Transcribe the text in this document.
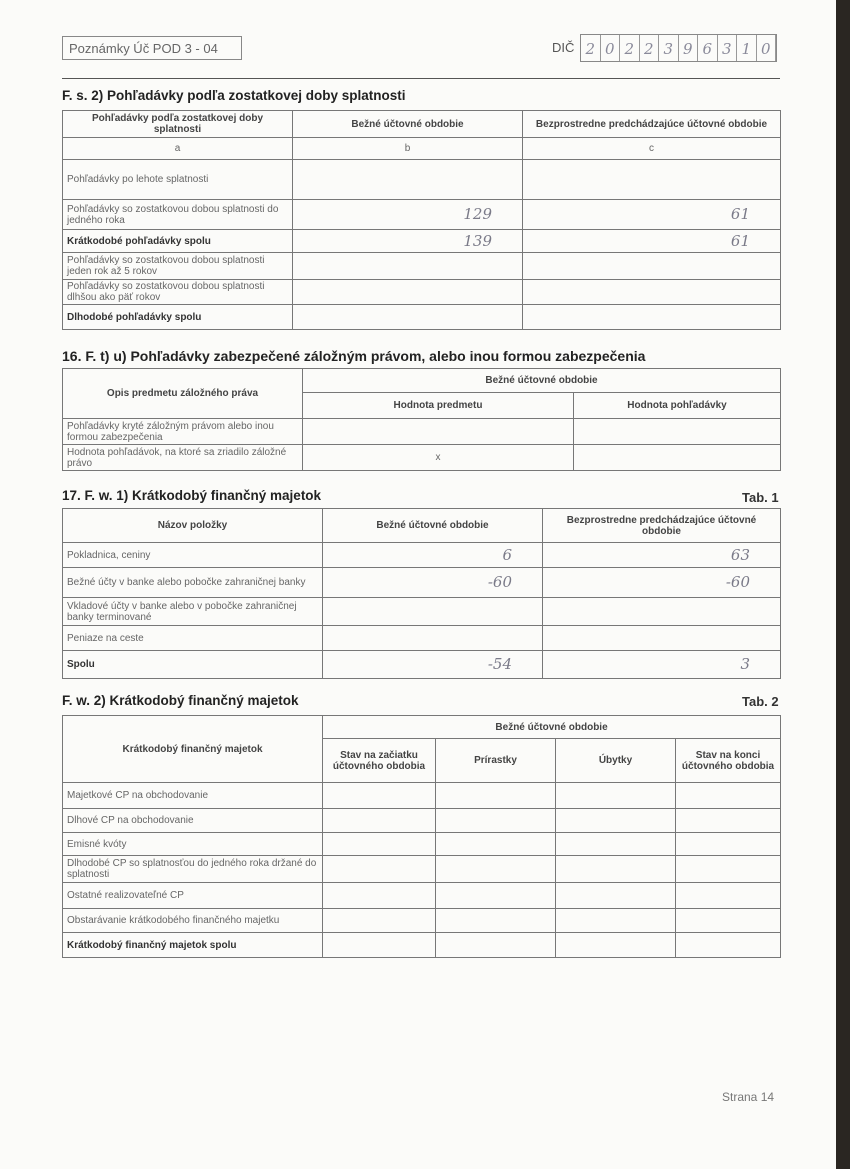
Poznámky Úč POD 3 - 04	DIČ 2 0 2 2 3 9 6 3 1 0
F. s. 2) Pohľadávky podľa zostatkovej doby splatnosti
Pohľadávky podľa zostatkovej doby splatnosti	Bežné účtovné obdobie	Bezprostredne predchádzajúce účtovné obdobie
a	b	c
Pohľadávky po lehote splatnosti		
Pohľadávky so zostatkovou dobou splatnosti do jedného roka	129	61
Krátkodobé pohľadávky spolu	139	61
Pohľadávky so zostatkovou dobou splatnosti jeden rok až 5 rokov		
Pohľadávky so zostatkovou dobou splatnosti dlhšou ako päť rokov		
Dlhodobé pohľadávky spolu		
16. F. t) u) Pohľadávky zabezpečené záložným právom, alebo inou formou zabezpečenia
Opis predmetu záložného práva	Bežné účtovné obdobie	
	Hodnota predmetu	Hodnota pohľadávky
Pohľadávky kryté záložným právom alebo inou formou zabezpečenia		
Hodnota pohľadávok, na ktoré sa zriadilo záložné právo	x	
17. F. w. 1) Krátkodobý finančný majetok	Tab. 1
Názov položky	Bežné účtovné obdobie	Bezprostredne predchádzajúce účtovné obdobie
Pokladnica, ceniny	6	63
Bežné účty v banke alebo pobočke zahraničnej banky	-60	-60
Vkladové účty v banke alebo v pobočke zahraničnej banky terminované		
Peniaze na ceste		
Spolu	-54	3
F. w. 2) Krátkodobý finančný majetok	Tab. 2
Krátkodobý finančný majetok	Bežné účtovné obdobie			
	Stav na začiatku účtovného obdobia	Prírastky	Úbytky	Stav na konci účtovného obdobia
Majetkové CP na obchodovanie				
Dlhové CP na obchodovanie				
Emisné kvóty				
Dlhodobé CP so splatnosťou do jedného roka držané do splatnosti				
Ostatné realizovateľné CP				
Obstarávanie krátkodobého finančného majetku				
Krátkodobý finančný majetok spolu				
Strana 14
